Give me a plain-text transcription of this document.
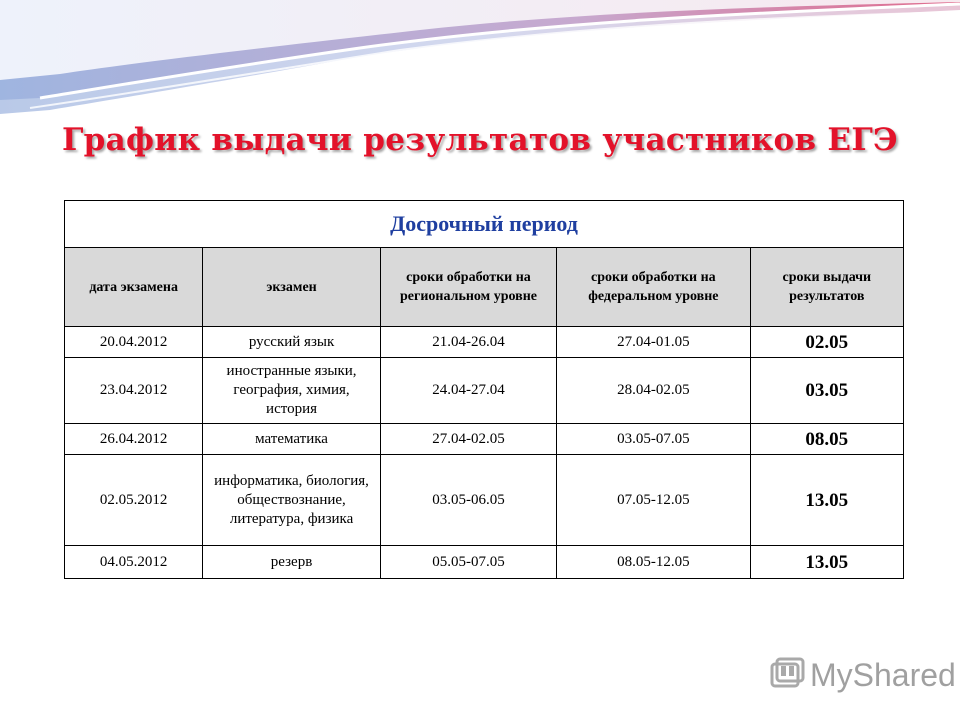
График выдачи результатов участников ЕГЭ
Досрочный период				
дата экзамена	экзамен	сроки обработки на региональном уровне	сроки обработки на федеральном уровне	сроки выдачи результатов
20.04.2012	русский язык	21.04-26.04	27.04-01.05	02.05
23.04.2012	иностранные языки, география, химия, история	24.04-27.04	28.04-02.05	03.05
26.04.2012	математика	27.04-02.05	03.05-07.05	08.05
02.05.2012	информатика, биология, обществознание, литература, физика	03.05-06.05	07.05-12.05	13.05
04.05.2012	резерв	05.05-07.05	08.05-12.05	13.05
MyShared
